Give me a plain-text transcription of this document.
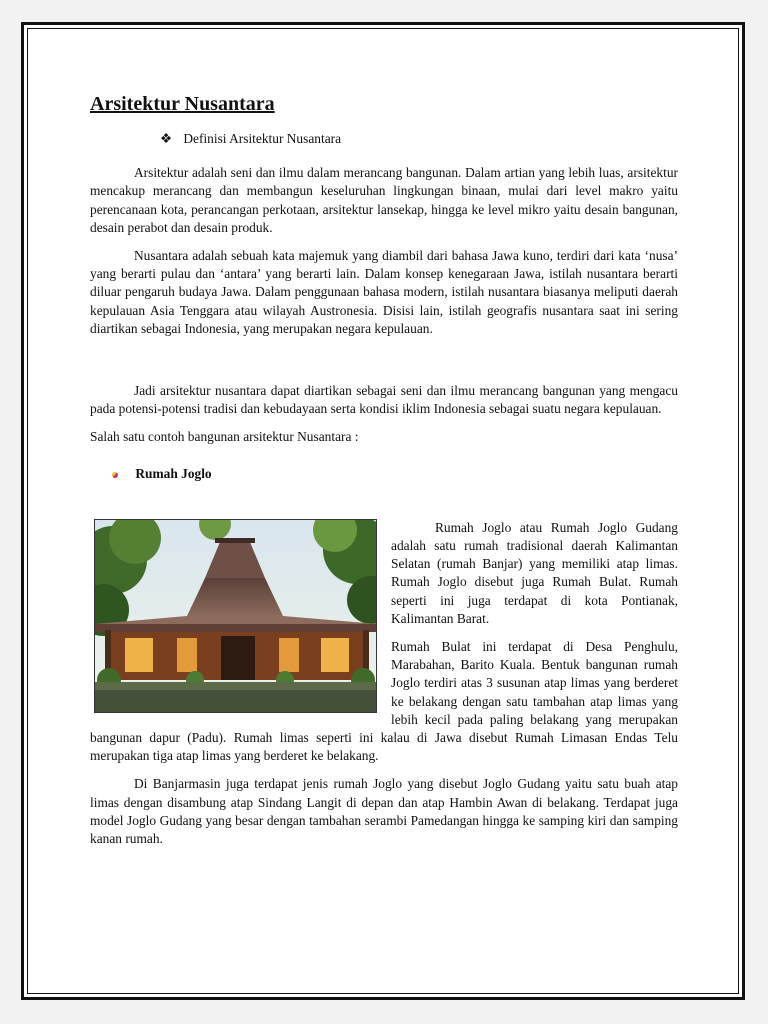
Arsitektur Nusantara
❖ Definisi Arsitektur Nusantara

Arsitektur adalah seni dan ilmu dalam merancang bangunan. Dalam artian yang lebih luas, arsitektur mencakup merancang dan membangun keseluruhan lingkungan binaan, mulai dari level makro yaitu perencanaan kota, perancangan perkotaan, arsitektur lansekap, hingga ke level mikro yaitu desain bangunan, desain perabot dan desain produk.

Nusantara adalah sebuah kata majemuk yang diambil dari bahasa Jawa kuno, terdiri dari kata ‘nusa’ yang berarti pulau dan ‘antara’ yang berarti lain. Dalam konsep kenegaraan Jawa, istilah nusantara berarti diluar pengaruh budaya Jawa. Dalam penggunaan bahasa modern, istilah nusantara biasanya meliputi daerah kepulauan Asia Tenggara atau wilayah Austronesia. Disisi lain, istilah geografis nusantara saat ini sering diartikan sebagai Indonesia, yang merupakan negara kepulauan.

Jadi arsitektur nusantara dapat diartikan sebagai seni dan ilmu merancang bangunan yang mengacu pada potensi-potensi tradisi dan kebudayaan serta kondisi iklim Indonesia sebagai suatu negara kepulauan.

Salah satu contoh bangunan arsitektur Nusantara :

Rumah Joglo

Rumah Joglo atau Rumah Joglo Gudang adalah satu rumah tradisional daerah Kalimantan Selatan (rumah Banjar) yang memiliki atap limas. Rumah Joglo disebut juga Rumah Bulat. Rumah seperti ini juga terdapat di kota Pontianak, Kalimantan Barat.

Rumah Bulat ini terdapat di Desa Penghulu, Marabahan, Barito Kuala. Bentuk bangunan rumah Joglo terdiri atas 3 susunan atap limas yang berderet ke belakang dengan satu tambahan atap limas yang lebih kecil pada paling belakang yang merupakan bangunan dapur (Padu). Rumah limas seperti ini kalau di Jawa disebut Rumah Limasan Endas Telu merupakan tiga atap limas yang berderet ke belakang.

Di Banjarmasin juga terdapat jenis rumah Joglo yang disebut Joglo Gudang yaitu satu buah atap limas dengan disambung atap Sindang Langit di depan dan atap Hambin Awan di belakang. Terdapat juga model Joglo Gudang yang besar dengan tambahan serambi Pamedangan hingga ke samping kiri dan samping kanan rumah.
